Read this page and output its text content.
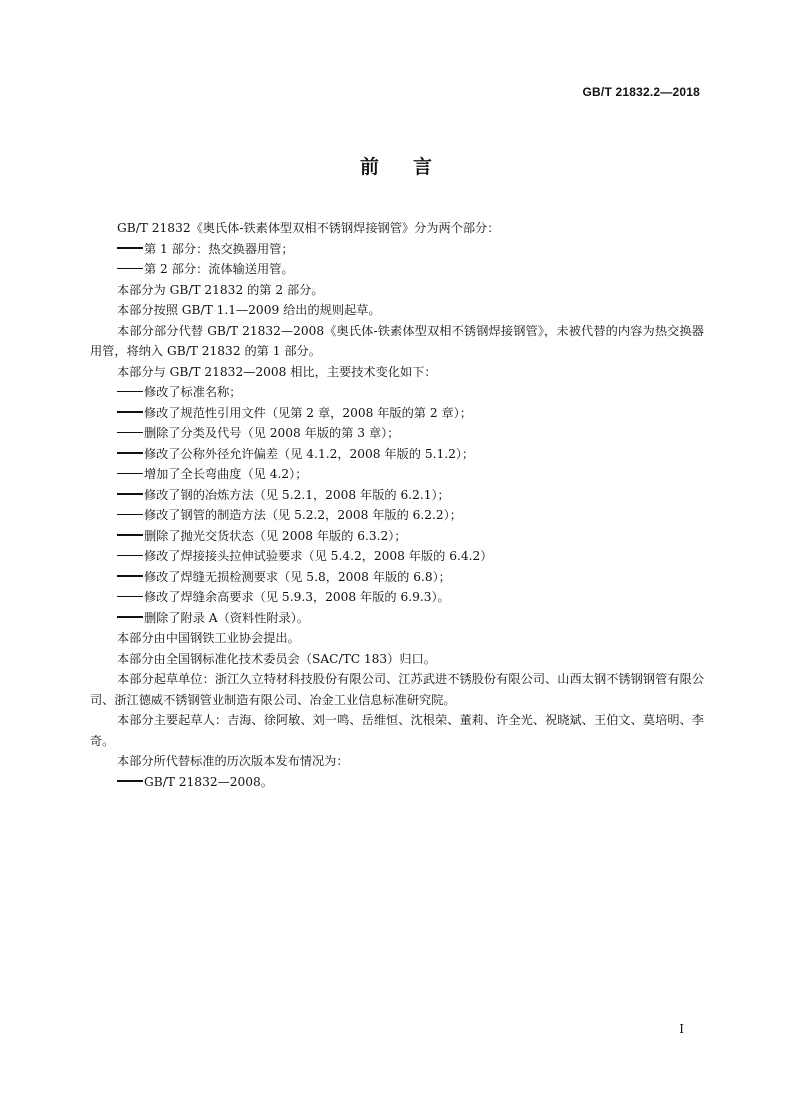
GB/T 21832.2—2018
前言

GB/T 21832《奥氏体-铁素体型双相不锈钢焊接钢管》分为两个部分：

第 1 部分：热交换器用管；

第 2 部分：流体输送用管。

本部分为 GB/T 21832 的第 2 部分。

本部分按照 GB/T 1.1—2009 给出的规则起草。

本部分部分代替 GB/T 21832—2008《奥氏体-铁素体型双相不锈钢焊接钢管》，未被代替的内容为热交换器用管，将纳入 GB/T 21832 的第 1 部分。

本部分与 GB/T 21832—2008 相比，主要技术变化如下：

修改了标准名称；

修改了规范性引用文件（见第 2 章，2008 年版的第 2 章）；

删除了分类及代号（见 2008 年版的第 3 章）；

修改了公称外径允许偏差（见 4.1.2，2008 年版的 5.1.2）；

增加了全长弯曲度（见 4.2）；

修改了钢的冶炼方法（见 5.2.1，2008 年版的 6.2.1）；

修改了钢管的制造方法（见 5.2.2，2008 年版的 6.2.2）；

删除了抛光交货状态（见 2008 年版的 6.3.2）；

修改了焊接接头拉伸试验要求（见 5.4.2，2008 年版的 6.4.2）

修改了焊缝无损检测要求（见 5.8，2008 年版的 6.8）；

修改了焊缝余高要求（见 5.9.3，2008 年版的 6.9.3）。

删除了附录 A（资料性附录）。

本部分由中国钢铁工业协会提出。

本部分由全国钢标准化技术委员会（SAC/TC 183）归口。

本部分起草单位：浙江久立特材科技股份有限公司、江苏武进不锈股份有限公司、山西太钢不锈钢钢管有限公司、浙江德威不锈钢管业制造有限公司、冶金工业信息标准研究院。

本部分主要起草人：吉海、徐阿敏、刘一鸣、岳维恒、沈根荣、董莉、许全光、祝晓斌、王伯文、莫培明、李奇。

本部分所代替标准的历次版本发布情况为：

GB/T 21832—2008。

I
